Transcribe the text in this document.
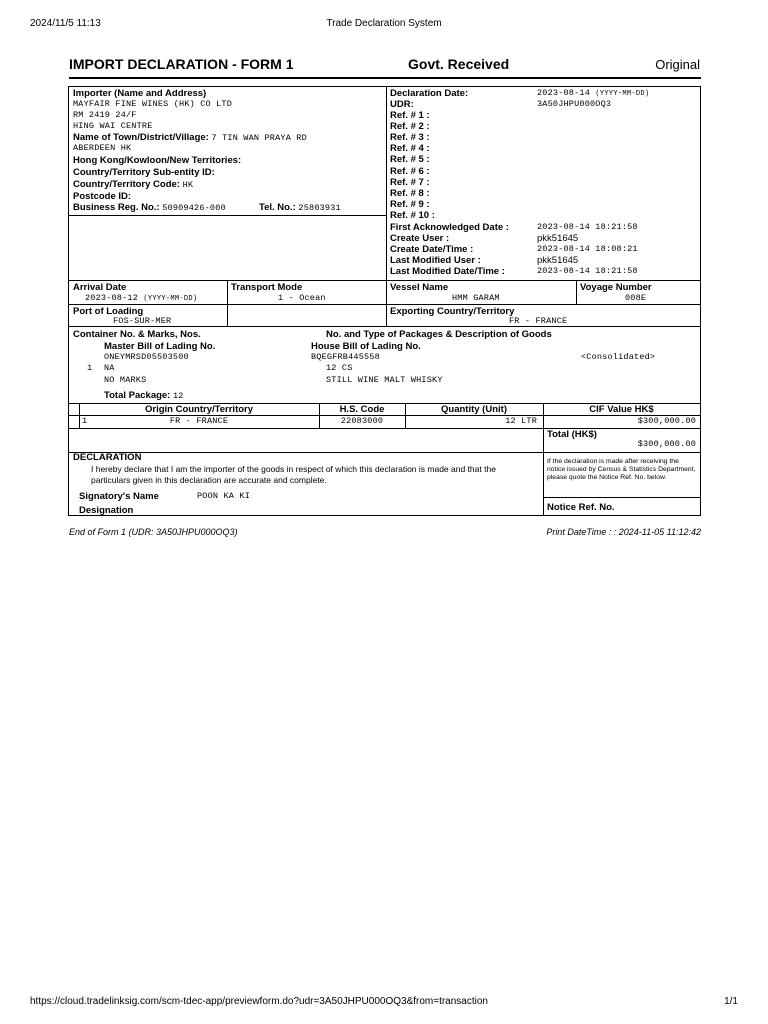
2024/11/5 11:13	Trade Declaration System
IMPORT DECLARATION - FORM 1	Govt. Received	Original
Importer (Name and Address)
MAYFAIR FINE WINES (HK) CO LTD
RM 2419 24/F
HING WAI CENTRE
Name of Town/District/Village: 7 TIN WAN PRAYA RD
ABERDEEN HK
Hong Kong/Kowloon/New Territories:
Country/Territory Sub-entity ID:
Country/Territory Code: HK
Postcode ID:
Business Reg. No.: 50909426-000	Tel. No.: 25803931
Declaration Date:	2023-08-14 (YYYY-MM-DD)
UDR:	3A50JHPU000OQ3
Ref. # 1 :
Ref. # 2 :
Ref. # 3 :
Ref. # 4 :
Ref. # 5 :
Ref. # 6 :
Ref. # 7 :
Ref. # 8 :
Ref. # 9 :
Ref. # 10 :
First Acknowledged Date :	2023-08-14 18:21:58
Create User :	pkk51645
Create Date/Time :	2023-08-14 18:08:21
Last Modified User :	pkk51645
Last Modified Date/Time :	2023-08-14 18:21:58
Arrival Date
2023-08-12 (YYYY-MM-DD)
Transport Mode
1 - Ocean
Vessel Name
HMM GARAM
Voyage Number
008E
Port of Loading
FOS-SUR-MER
Exporting Country/Territory
FR - FRANCE
Container No. & Marks, Nos.	No. and Type of Packages & Description of Goods
Master Bill of Lading No.	House Bill of Lading No.
ONEYMRSD05503500	BQEGFRB445558	<Consolidated>
1 NA	12 CS
NO MARKS	STILL WINE MALT WHISKY
Total Package: 12
Origin Country/Territory	H.S. Code	Quantity (Unit)	CIF Value HK$
1	FR - FRANCE	22083000	12 LTR	$300,000.00
Total (HK$)
$300,000.00
DECLARATION
I hereby declare that I am the importer of the goods in respect of which this declaration is made and that the particulars given in this declaration are accurate and complete.
Signatory's Name	POON KA KI
Designation
If the declaration is made after receiving the notice issued by Census & Statistics Department, please quote the Notice Ref. No. below.
Notice Ref. No.
End of Form 1 (UDR: 3A50JHPU000OQ3)	Print DateTime : : 2024-11-05 11:12:42
https://cloud.tradelinksig.com/scm-tdec-app/previewform.do?udr=3A50JHPU000OQ3&from=transaction	1/1
